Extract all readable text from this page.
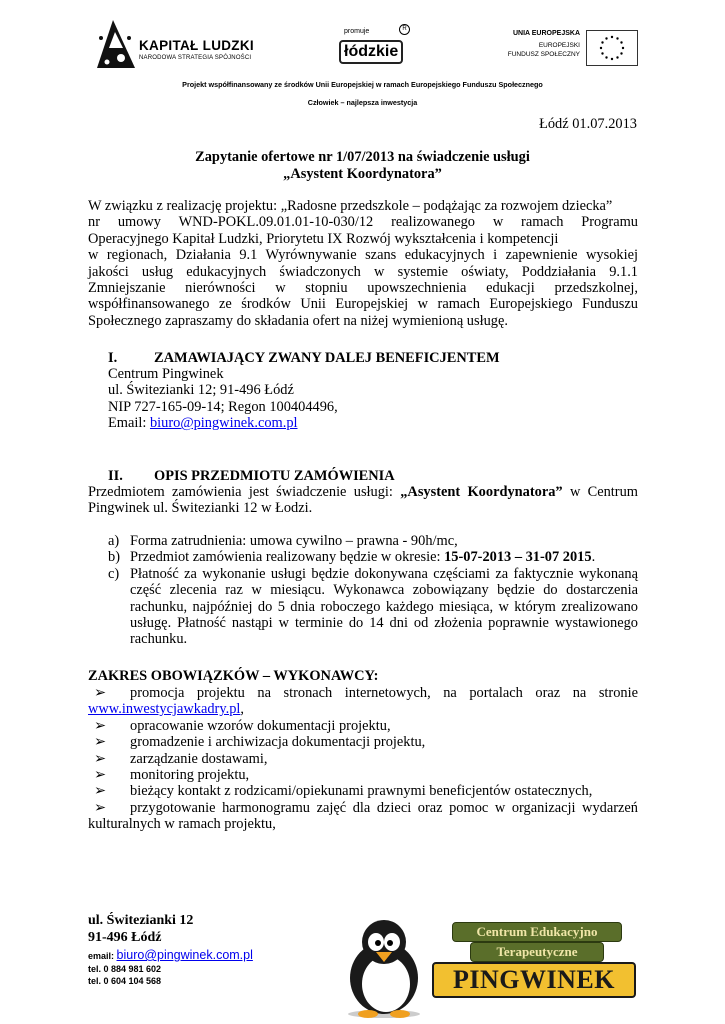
KAPITAŁ LUDZKI
NARODOWA STRATEGIA SPÓJNOŚCI
promuje
łódzkie
R
UNIA EUROPEJSKA
EUROPEJSKI
FUNDUSZ SPOŁECZNY
Projekt współfinansowany ze środków Unii Europejskiej w ramach Europejskiego Funduszu Społecznego
Człowiek – najlepsza inwestycja
Łódź 01.07.2013
Zapytanie ofertowe nr 1/07/2013 na świadczenie usługi
„Asystent Koordynatora”
W związku z realizację projektu: „Radosne przedszkole – podążając za rozwojem dziecka”
nr umowy WND-POKL.09.01.01-10-030/12 realizowanego w ramach Programu
Operacyjnego Kapitał Ludzki, Priorytetu IX Rozwój wykształcenia i kompetencji
w regionach, Działania 9.1 Wyrównywanie szans edukacyjnych i zapewnienie wysokiej
jakości usług edukacyjnych świadczonych w systemie oświaty, Poddziałania 9.1.1
Zmniejszanie nierówności w stopniu upowszechnienia edukacji przedszkolnej,
współfinansowanego ze środków Unii Europejskiej w ramach Europejskiego Funduszu
Społecznego zapraszamy do składania ofert na niżej wymienioną usługę.
I.	ZAMAWIAJĄCY ZWANY DALEJ BENEFICJENTEM
Centrum Pingwinek
ul. Świtezianki 12; 91-496 Łódź
NIP 727-165-09-14; Regon 100404496,
Email: biuro@pingwinek.com.pl
II. OPIS PRZEDMIOTU ZAMÓWIENIA
Przedmiotem zamówienia jest świadczenie usługi: „Asystent Koordynatora” w Centrum
Pingwinek ul. Świtezianki 12 w Łodzi.
a) Forma zatrudnienia: umowa cywilno – prawna - 90h/mc,
b) Przedmiot zamówienia realizowany będzie w okresie: 15-07-2013 – 31-07 2015.
c) Płatność za wykonanie usługi będzie dokonywana częściami za faktycznie wykonaną
część zlecenia raz w miesiącu. Wykonawca zobowiązany będzie do dostarczenia
rachunku, najpóźniej do 5 dnia roboczego każdego miesiąca, w którym zrealizowano
usługę. Płatność nastąpi w terminie do 14 dni od złożenia poprawnie wystawionego
rachunku.
ZAKRES OBOWIĄZKÓW – WYKONAWCY:
➢	promocja projektu na stronach internetowych, na portalach oraz na stronie
www.inwestycjawkadry.pl,
➢ opracowanie wzorów dokumentacji projektu,
➢ gromadzenie i archiwizacja dokumentacji projektu,
➢ zarządzanie dostawami,
➢ monitoring projektu,
➢ bieżący kontakt z rodzicami/opiekunami prawnymi beneficjentów ostatecznych,
➢	przygotowanie harmonogramu zajęć dla dzieci oraz pomoc w organizacji wydarzeń
kulturalnych w ramach projektu,
ul. Świtezianki 12
91-496 Łódź
email: biuro@pingwinek.com.pl
tel. 0 884 981 602
tel. 0 604 104 568
Centrum Edukacyjno
Terapeutyczne
PINGWINEK
